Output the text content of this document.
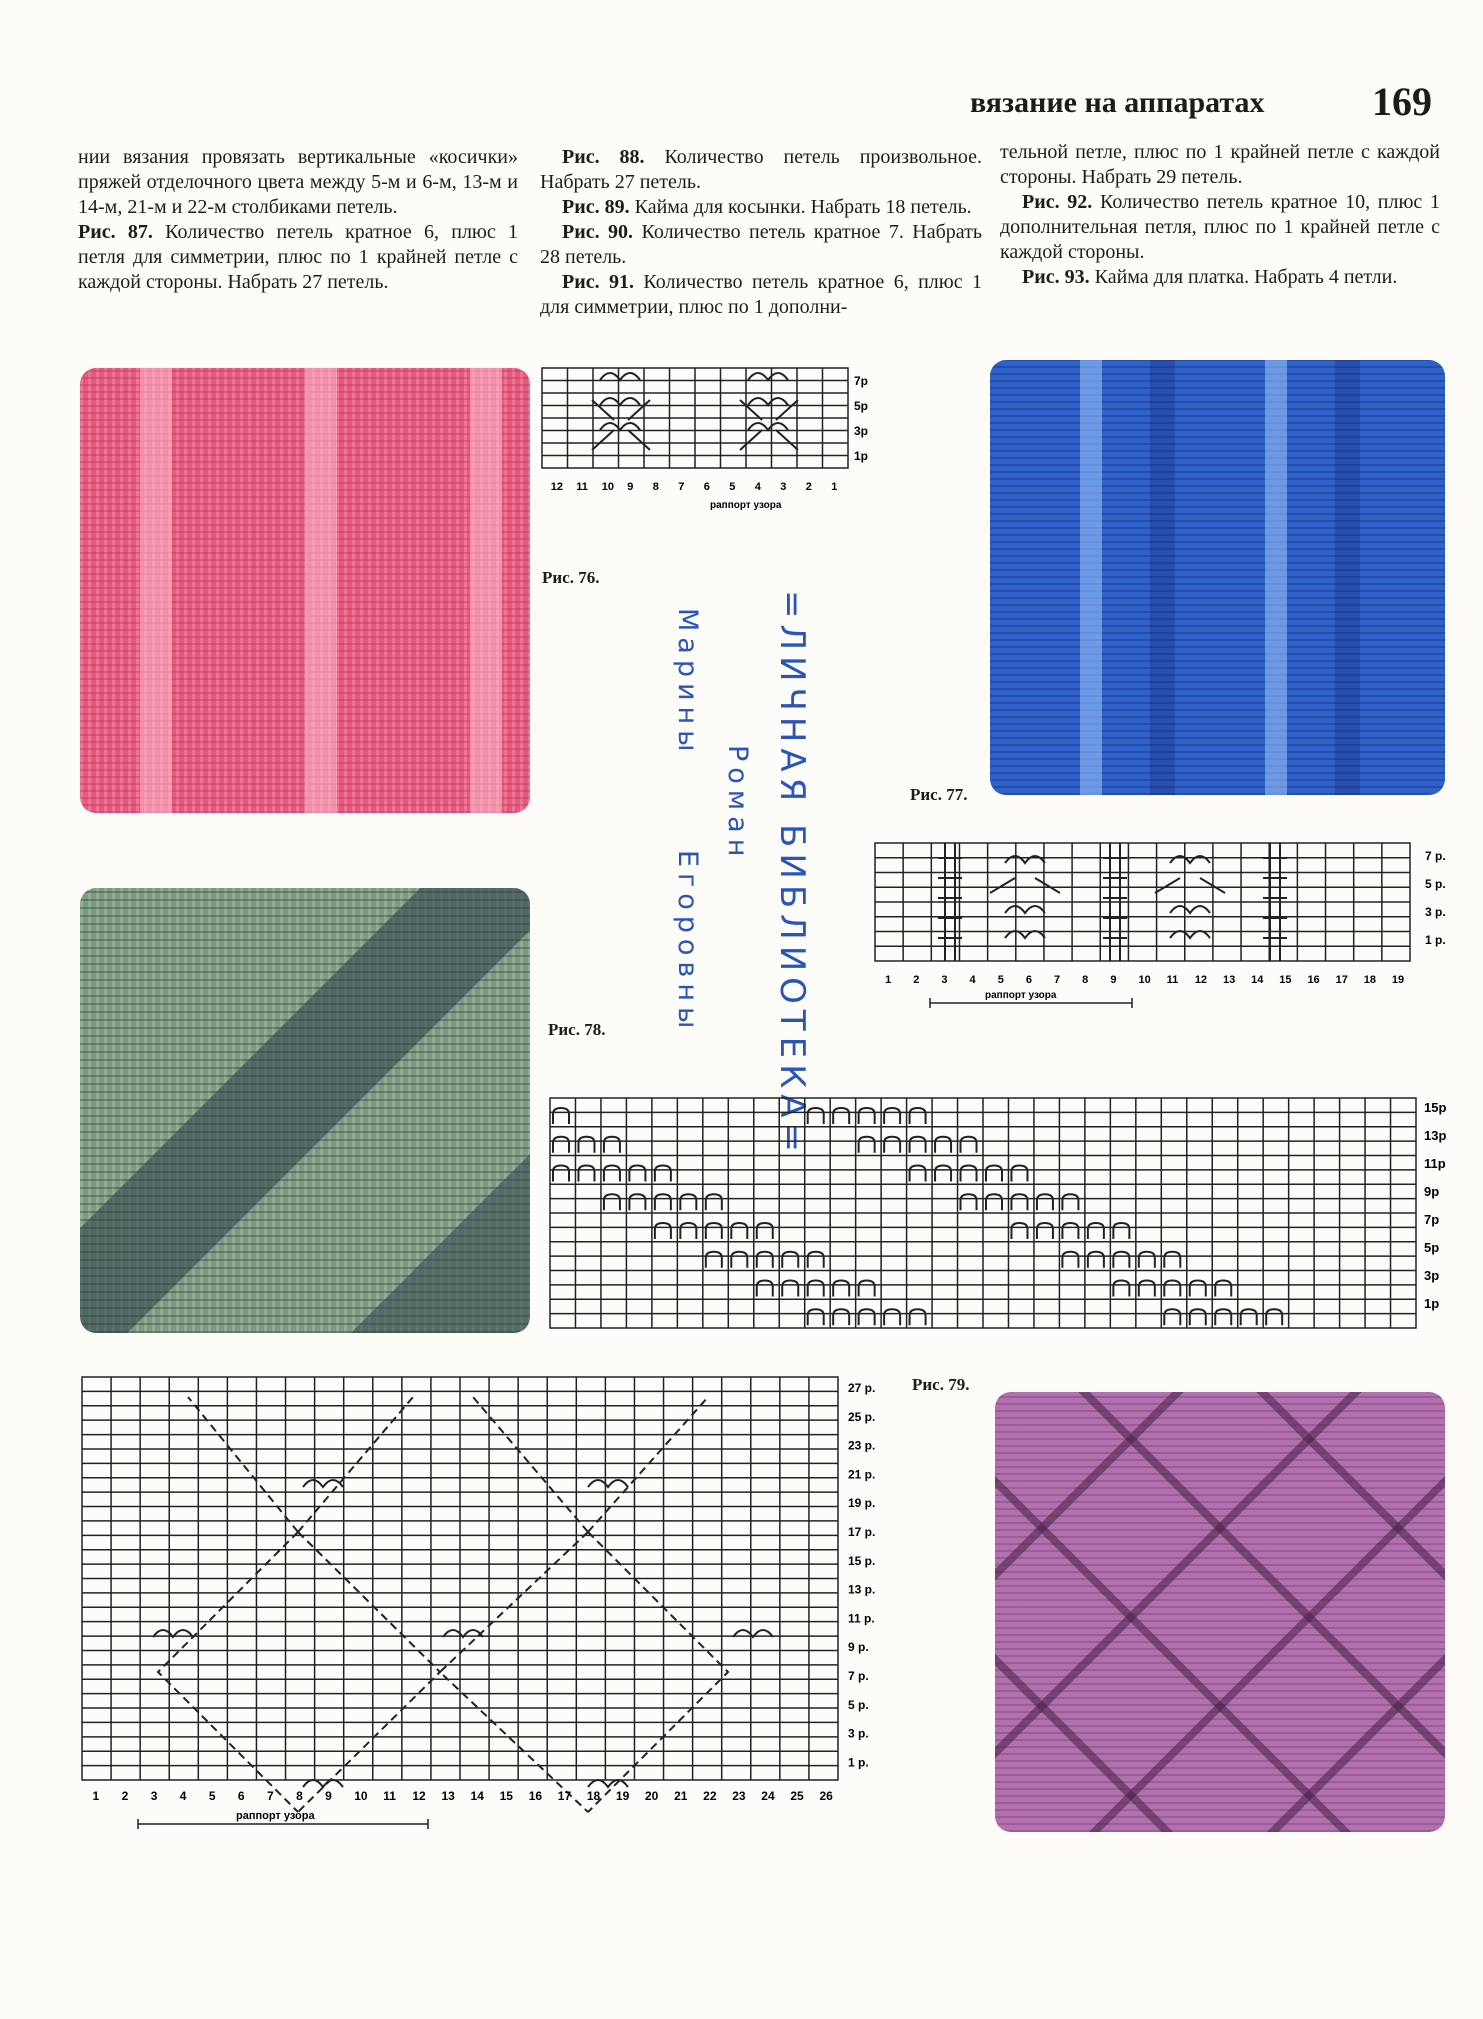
вязание на аппаратах	169

нии вязания провязать вертикальные «косички» пряжей отделочного цвета между 5-м и 6-м, 13-м и 14-м, 21-м и 22-м столбиками петель.

Рис. 87. Количество петель кратное 6, плюс 1 петля для симметрии, плюс по 1 крайней петле с каждой стороны. Набрать 27 петель.

Рис. 88. Количество петель произвольное. Набрать 27 петель.

Рис. 89. Кайма для косынки. Набрать 18 петель.

Рис. 90. Количество петель кратное 7. Набрать 28 петель.

Рис. 91. Количество петель кратное 6, плюс 1 для симметрии, плюс по 1 дополни-

тельной петле, плюс по 1 крайней петле с каждой стороны. Набрать 29 петель.

Рис. 92. Количество петель кратное 10, плюс 1 дополнительная петля, плюс по 1 крайней петле с каждой стороны.

Рис. 93. Кайма для платка. Набрать 4 петли.

Рис. 76.
Рис. 77.
Рис. 78.
Рис. 79.
=ЛИЧНАЯ БИБЛИОТЕКА=
Роман
Марины
Егоровны
7р
5р
3р
1р
12 11 10 9 8 7 6 5 4 3 2 1
раппорт узора
7 р.
5 р.
3 р.
1 р.
1 2 3 4 5 6 7 8 9 10 11 12 13 14 15 16 17 18 19
раппорт узора
15р
13р
11р
9р
7р
5р
3р
1р
27 р.
25 р.
23 р.
21 р.
19 р.
17 р.
15 р.
13 р.
11 р.
9 р.
7 р.
5 р.
3 р.
1 р.
1 2 3 4 5 6 7 8 9 10 11 12 13 14 15 16 17 18 19 20 21 22 23 24 25 26
раппорт узора
